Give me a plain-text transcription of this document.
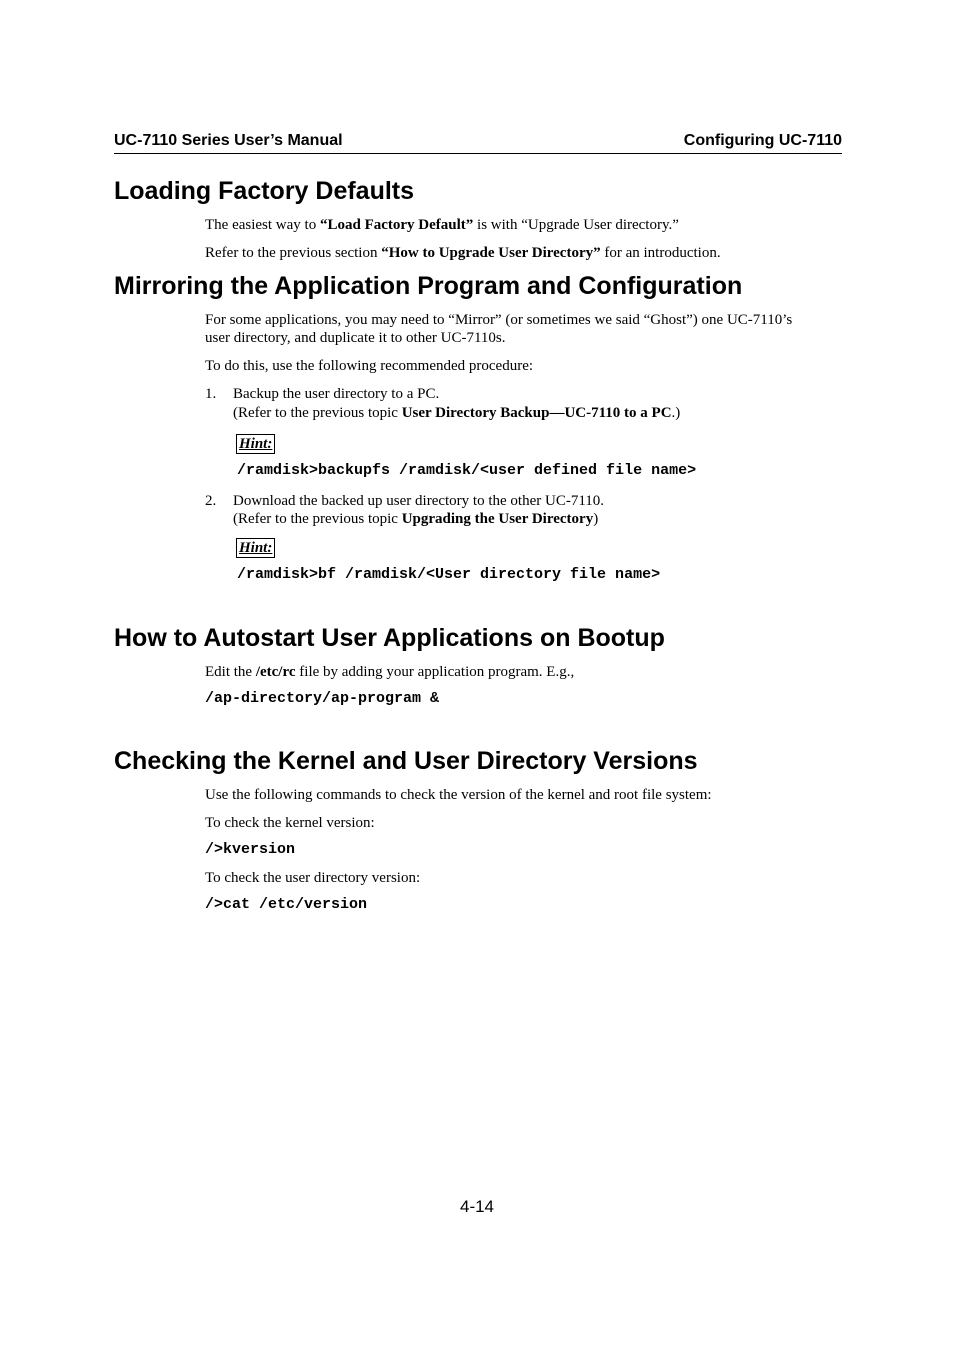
UC-7110 Series User’s Manual	Configuring UC-7110
Loading Factory Defaults
The easiest way to “Load Factory Default” is with “Upgrade User directory.”
Refer to the previous section “How to Upgrade User Directory” for an introduction.
Mirroring the Application Program and Configuration
For some applications, you may need to “Mirror” (or sometimes we said “Ghost”) one UC-7110’s
user directory, and duplicate it to other UC-7110s.
To do this, use the following recommended procedure:
1. Backup the user directory to a PC.
(Refer to the previous topic User Directory Backup—UC-7110 to a PC.)
Hint:
/ramdisk>backupfs /ramdisk/<user defined file name>
2. Download the backed up user directory to the other UC-7110.
(Refer to the previous topic Upgrading the User Directory)
Hint:
/ramdisk>bf /ramdisk/<User directory file name>
How to Autostart User Applications on Bootup
Edit the /etc/rc file by adding your application program. E.g.,
/ap-directory/ap-program &
Checking the Kernel and User Directory Versions
Use the following commands to check the version of the kernel and root file system:
To check the kernel version:
/>kversion
To check the user directory version:
/>cat /etc/version
4-14
